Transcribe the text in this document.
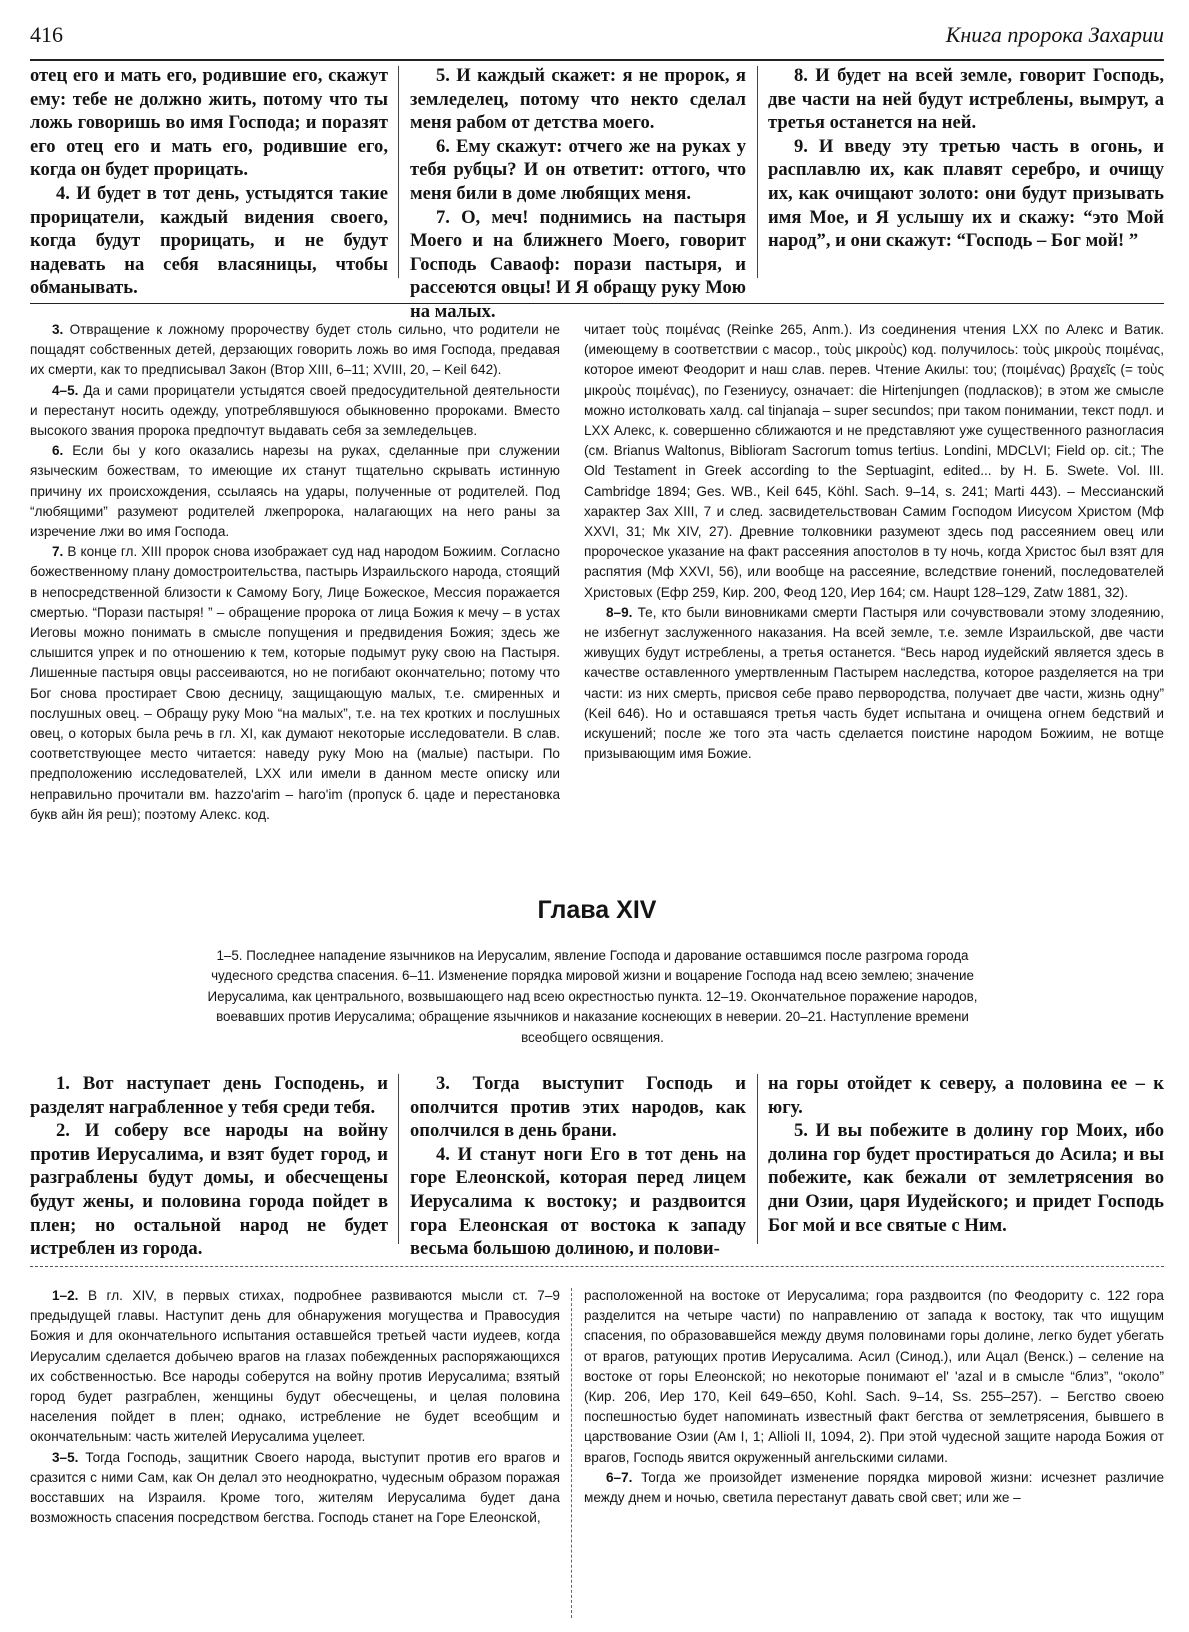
416	Книга пророка Захарии

отец его и мать его, родившие его, скажут ему: тебе не должно жить, потому что ты ложь говоришь во имя Господа; и поразят его отец его и мать его, родившие его, когда он будет прорицать.

4. И будет в тот день, устыдятся такие прорицатели, каждый видения своего, когда будут прорицать, и не будут надевать на себя власяницы, чтобы обманывать.

5. И каждый скажет: я не пророк, я земледелец, потому что некто сделал меня рабом от детства моего.

6. Ему скажут: отчего же на руках у тебя рубцы? И он ответит: оттого, что меня били в доме любящих меня.

7. О, меч! поднимись на пастыря Моего и на ближнего Моего, говорит Господь Саваоф: порази пастыря, и рассеются овцы! И Я обращу руку Мою на малых.

8. И будет на всей земле, говорит Господь, две части на ней будут истреблены, вымрут, а третья останется на ней.

9. И введу эту третью часть в огонь, и расплавлю их, как плавят серебро, и очищу их, как очищают золото: они будут призывать имя Мое, и Я услышу их и скажу: “это Мой народ”, и они скажут: “Господь – Бог мой! ”

3. Отвращение к ложному пророчеству будет столь сильно, что родители не пощадят собственных детей, дерзающих говорить ложь во имя Господа, предавая их смерти, как то предписывал Закон (Втор XIII, 6–11; XVIII, 20, – Keil 642).

4–5. Да и сами прорицатели устыдятся своей предосудительной деятельности и перестанут носить одежду, употреблявшуюся обыкновенно пророками. Вместо высокого звания пророка предпочтут выдавать себя за земледельцев.

6. Если бы у кого оказались нарезы на руках, сделанные при служении языческим божествам, то имеющие их станут тщательно скрывать истинную причину их происхождения, ссылаясь на удары, полученные от родителей. Под “любящими” разумеют родителей лжепророка, налагающих на него раны за изречение лжи во имя Господа.

7. В конце гл. XIII пророк снова изображает суд над народом Божиим. Согласно божественному плану домостроительства, пастырь Израильского народа, стоящий в непосредственной близости к Самому Богу, Лице Божеское, Мессия поражается смертью. “Порази пастыря! ” – обращение пророка от лица Божия к мечу – в устах Иеговы можно понимать в смысле попущения и предвидения Божия; здесь же слышится упрек и по отношению к тем, которые подымут руку свою на Пастыря. Лишенные пастыря овцы рассеиваются, но не погибают окончательно; потому что Бог снова простирает Свою десницу, защищающую малых, т.е. смиренных и послушных овец. – Обращу руку Мою “на малых”, т.е. на тех кротких и послушных овец, о которых была речь в гл. XI, как думают некоторые исследователи. В слав. соответствующее место читается: наведу руку Мою на (малые) пастыри. По предположению исследователей, LXX или имели в данном месте описку или неправильно прочитали вм. hazzo'arim – haro'im (пропуск б. цаде и перестановка букв айн йя реш); поэтому Алекс. код.

читает τοὺς ποιμένας (Reinke 265, Anm.). Из соединения чтения LXX по Алекс и Ватик. (имеющему в соответствии с масор., τοὺς μικροὺς) код. получилось: τοὺς μικροὺς ποιμένας, которое имеют Феодорит и наш слав. перев. Чтение Акилы: του; (ποιμένας) βραχεῖς (= τοὺς μικροὺς ποιμένας), по Гезениусу, означает: die Hirtenjungen (подласков); в этом же смысле можно истолковать халд. cal tinjanaja – super secundos; при таком понимании, текст подл. и LXX Алекс, к. совершенно сближаются и не представляют уже существенного разногласия (см. Brianus Waltonus, Biblioram Sacrorum tomus tertius. Londini, MDCLVI; Field op. cit.; The Old Testament in Greek according to the Septuagint, edited... by H. Б. Swete. Vol. III. Cambridge 1894; Ges. WB., Keil 645, Köhl. Sach. 9–14, s. 241; Marti 443). – Мессианский характер Зах XIII, 7 и след. засвидетельствован Самим Господом Иисусом Христом (Мф XXVI, 31; Мк XIV, 27). Древние толковники разумеют здесь под рассеянием овец или пророческое указание на факт рассеяния апостолов в ту ночь, когда Христос был взят для распятия (Мф XXVI, 56), или вообще на рассеяние, вследствие гонений, последователей Христовых (Ефр 259, Кир. 200, Феод 120, Иер 164; см. Haupt 128–129, Zatw 1881, 32).

8–9. Те, кто были виновниками смерти Пастыря или сочувствовали этому злодеянию, не избегнут заслуженного наказания. На всей земле, т.е. земле Израильской, две части живущих будут истреблены, а третья останется. “Весь народ иудейский является здесь в качестве оставленного умертвленным Пастырем наследства, которое разделяется на три части: из них смерть, присвоя себе право первородства, получает две части, жизнь одну” (Keil 646). Но и оставшаяся третья часть будет испытана и очищена огнем бедствий и искушений; после же того эта часть сделается поистине народом Божиим, не вотще призывающим имя Божие.

Глава XIV
1–5. Последнее нападение язычников на Иерусалим, явление Господа и дарование оставшимся после разгрома города чудесного средства спасения. 6–11. Изменение порядка мировой жизни и воцарение Господа над всею землею; значение Иерусалима, как центрального, возвышающего над всею окрестностью пункта. 12–19. Окончательное поражение народов, воевавших против Иерусалима; обращение язычников и наказание коснеющих в неверии. 20–21. Наступление времени всеобщего освящения.

1. Вот наступает день Господень, и разделят награбленное у тебя среди тебя.

2. И соберу все народы на войну против Иерусалима, и взят будет город, и разграблены будут домы, и обесчещены будут жены, и половина города пойдет в плен; но остальной народ не будет истреблен из города.

3. Тогда выступит Господь и ополчится против этих народов, как ополчился в день брани.

4. И станут ноги Его в тот день на горе Елеонской, которая перед лицем Иерусалима к востоку; и раздвоится гора Елеонская от востока к западу весьма большою долиною, и полови-

на горы отойдет к северу, а половина ее – к югу.

5. И вы побежите в долину гор Моих, ибо долина гор будет простираться до Асила; и вы побежите, как бежали от землетрясения во дни Озии, царя Иудейского; и придет Господь Бог мой и все святые с Ним.

1–2. В гл. XIV, в первых стихах, подробнее развиваются мысли ст. 7–9 предыдущей главы. Наступит день для обнаружения могущества и Правосудия Божия и для окончательного испытания оставшейся третьей части иудеев, когда Иерусалим сделается добычею врагов на глазах побежденных распоряжающихся их собственностью. Все народы соберутся на войну против Иерусалима; взятый город будет разграблен, женщины будут обесчещены, и целая половина населения пойдет в плен; однако, истребление не будет всеобщим и окончательным: часть жителей Иерусалима уцелеет.

3–5. Тогда Господь, защитник Своего народа, выступит против его врагов и сразится с ними Сам, как Он делал это неоднократно, чудесным образом поражая восставших на Израиля. Кроме того, жителям Иерусалима будет дана возможность спасения посредством бегства. Господь станет на Горе Елеонской,

расположенной на востоке от Иерусалима; гора раздвоится (по Феодориту с. 122 гора разделится на четыре части) по направлению от запада к востоку, так что ищущим спасения, по образовавшейся между двумя половинами горы долине, легко будет убегать от врагов, ратующих против Иерусалима. Асил (Синод.), или Ацал (Венск.) – селение на востоке от горы Елеонской; но некоторые понимают el' 'azal и в смысле “близ”, “около” (Кир. 206, Иер 170, Keil 649–650, Kohl. Sach. 9–14, Ss. 255–257). – Бегство своею поспешностью будет напоминать известный факт бегства от землетрясения, бывшего в царствование Озии (Ам I, 1; Allioli II, 1094, 2). При этой чудесной защите народа Божия от врагов, Господь явится окруженный ангельскими силами.

6–7. Тогда же произойдет изменение порядка мировой жизни: исчезнет различие между днем и ночью, светила перестанут давать свой свет; или же –
